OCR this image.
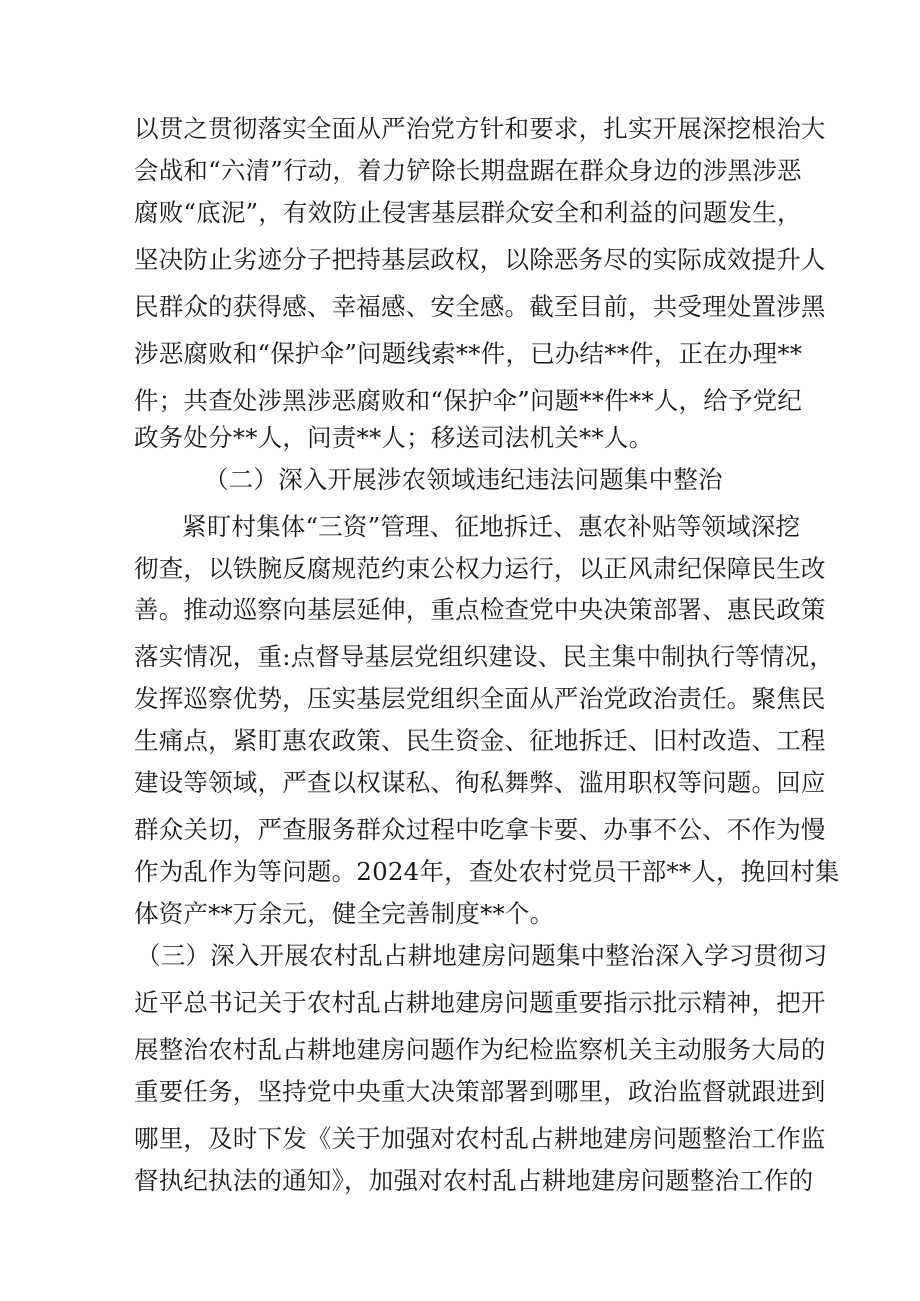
以贯之贯彻落实全面从严治党方针和要求，扎实开展深挖根治大
会战和“六清”行动，着力铲除长期盘踞在群众身边的涉黑涉恶
腐败“底泥”，有效防止侵害基层群众安全和利益的问题发生，
坚决防止劣迹分子把持基层政权，以除恶务尽的实际成效提升人
民群众的获得感、幸福感、安全感。截至目前，共受理处置涉黑
涉恶腐败和“保护伞”问题线索**件，已办结**件，正在办理**
件；共查处涉黑涉恶腐败和“保护伞”问题**件**人，给予党纪
政务处分**人，问责**人；移送司法机关**人。
（二）深入开展涉农领域违纪违法问题集中整治
紧盯村集体“三资”管理、征地拆迁、惠农补贴等领域深挖
彻查，以铁腕反腐规范约束公权力运行，以正风肃纪保障民生改
善。推动巡察向基层延伸，重点检查党中央决策部署、惠民政策
落实情况，重:点督导基层党组织建设、民主集中制执行等情况，
发挥巡察优势，压实基层党组织全面从严治党政治责任。聚焦民
生痛点，紧盯惠农政策、民生资金、征地拆迁、旧村改造、工程
建设等领域，严查以权谋私、徇私舞弊、滥用职权等问题。回应
群众关切，严查服务群众过程中吃拿卡要、办事不公、不作为慢
作为乱作为等问题。2024年，查处农村党员干部**人，挽回村集
体资产**万余元，健全完善制度**个。
（三）深入开展农村乱占耕地建房问题集中整治深入学习贯彻习
近平总书记关于农村乱占耕地建房问题重要指示批示精神，把开
展整治农村乱占耕地建房问题作为纪检监察机关主动服务大局的
重要任务，坚持党中央重大决策部署到哪里，政治监督就跟进到
哪里，及时下发《关于加强对农村乱占耕地建房问题整治工作监
督执纪执法的通知》，加强对农村乱占耕地建房问题整治工作的
